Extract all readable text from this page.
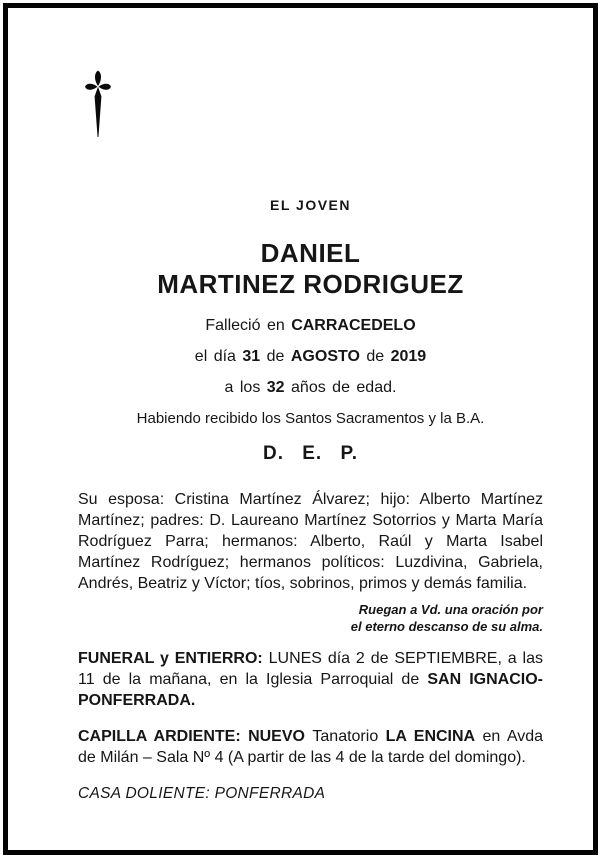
EL JOVEN
DANIEL
MARTINEZ RODRIGUEZ
Falleció en CARRACEDELO
el día 31 de AGOSTO de 2019
a los 32 años de edad.
Habiendo recibido los Santos Sacramentos y la B.A.
D. E. P.
Su esposa: Cristina Martínez Álvarez; hijo: Alberto Martínez Martínez; padres: D. Laureano Martínez Sotorrios y Marta María Rodríguez Parra; hermanos: Alberto, Raúl y Marta Isabel Martínez Rodríguez; hermanos políticos: Luzdivina, Gabriela, Andrés, Beatriz y Víctor; tíos, sobrinos, primos y demás familia.
Ruegan a Vd. una oración por
el eterno descanso de su alma.
FUNERAL y ENTIERRO: LUNES día 2 de SEPTIEMBRE, a las 11 de la mañana, en la Iglesia Parroquial de SAN IGNACIO-PONFERRADA.
CAPILLA ARDIENTE: NUEVO Tanatorio LA ENCINA en Avda de Milán – Sala Nº 4 (A partir de las 4 de la tarde del domingo).
CASA DOLIENTE: PONFERRADA
